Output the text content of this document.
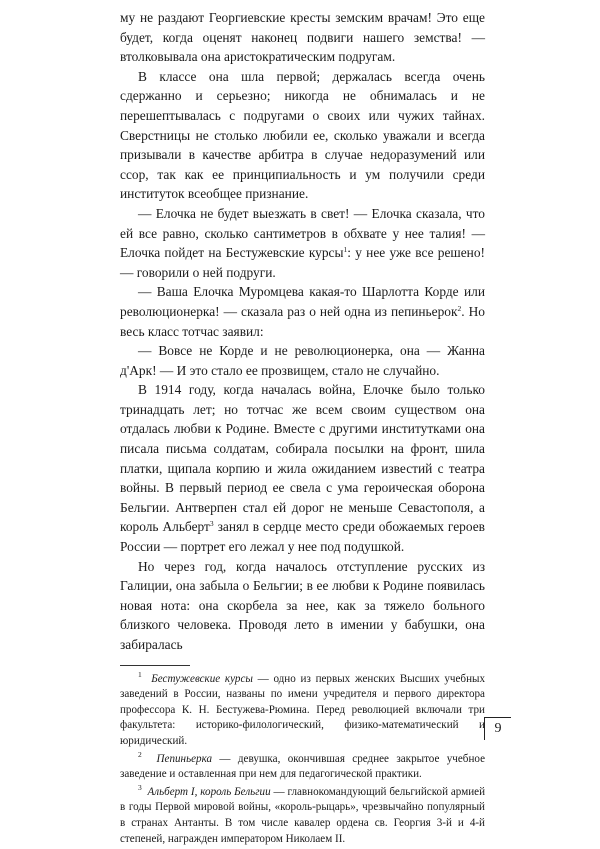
му не раздают Георгиевские кресты земским врачам! Это еще будет, когда оценят наконец подвиги нашего земства! — втолковывала она аристократическим подругам.

В классе она шла первой; держалась всегда очень сдержанно и серьезно; никогда не обнималась и не перешептывалась с подругами о своих или чужих тайнах. Сверстницы не столько любили ее, сколько уважали и всегда призывали в качестве арбитра в случае недоразумений или ссор, так как ее принципиальность и ум получили среди институток всеобщее признание.

— Елочка не будет выезжать в свет! — Елочка сказала, что ей все равно, сколько сантиметров в обхвате у нее талия! — Елочка пойдет на Бестужевские курсы$^1$: у нее уже все решено! — говорили о ней подруги.

— Ваша Елочка Муромцева какая-то Шарлотта Корде или революционерка! — сказала раз о ней одна из пепиньерок$^2$. Но весь класс тотчас заявил:

— Вовсе не Корде и не революционерка, она — Жанна д'Арк! — И это стало ее прозвищем, стало не случайно.

В 1914 году, когда началась война, Елочке было только тринадцать лет; но тотчас же всем своим существом она отдалась любви к Родине. Вместе с другими институтками она писала письма солдатам, собирала посылки на фронт, шила платки, щипала корпию и жила ожиданием известий с театра войны. В первый период ее свела с ума героическая оборона Бельгии. Антверпен стал ей дорог не меньше Севастополя, а король Альберт$^3$ занял в сердце место среди обожаемых героев России — портрет его лежал у нее под подушкой.

Но через год, когда началось отступление русских из Галиции, она забыла о Бельгии; в ее любви к Родине появилась новая нота: она скорбела за нее, как за тяжело больного близкого человека. Проводя лето в имении у бабушки, она забиралась

$^1$ Бестужевские курсы — одно из первых женских Высших учебных заведений в России, названы по имени учредителя и первого директора профессора К. Н. Бестужева-Рюмина. Перед революцией включали три факультета: историко-филологический, физико-математический и юридический.

$^2$ Пепиньерка — девушка, окончившая среднее закрытое учебное заведение и оставленная при нем для педагогической практики.

$^3$ Альберт I, король Бельгии — главнокомандующий бельгийской армией в годы Первой мировой войны, «король-рыцарь», чрезвычайно популярный в странах Антанты. В том числе кавалер ордена св. Георгия 3-й и 4-й степеней, награжден императором Николаем II.

9
